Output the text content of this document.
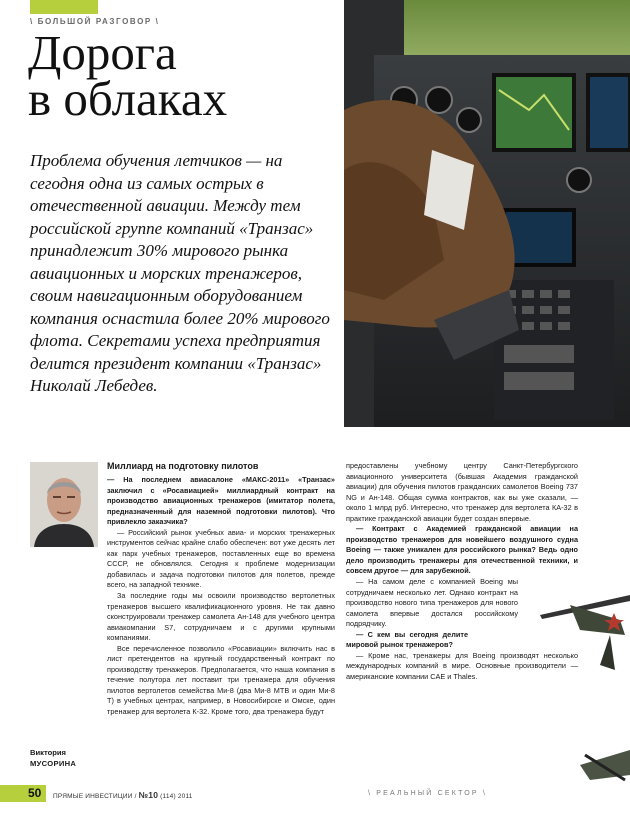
\ БОЛЬШОЙ РАЗГОВОР \
Дорога
в облаках

Проблема обучения летчиков — на сегодня одна из самых острых в отечественной авиации. Между тем российской группе компаний «Транзас» принадлежит 30% мирового рынка авиационных и морских тренажеров, своим навигационным оборудованием компания оснастила более 20% мирового флота. Секретами успеха предприятия делится президент компании «Транзас» Николай Лебедев.

Виктория
МУСОРИНА
Миллиард на подготовку пилотов

— На последнем авиасалоне «МАКС-2011» «Транзас» заключил с «Росавиацией» миллиардный контракт на производство авиационных тренажеров (имитатор полета, предназначенный для наземной подготовки пилотов). Что привлекло заказчика?

— Российский рынок учебных авиа- и морских тренажерных инструментов сейчас крайне слабо обеспечен: вот уже десять лет как парк учебных тренажеров, поставленных еще во времена СССР, не обновлялся. Сегодня к проблеме модернизации добавилась и задача подготовки пилотов для полетов, прежде всего, на западной технике.

За последние годы мы освоили производство вертолетных тренажеров высшего квалификационного уровня. Не так давно сконструировали тренажер самолета Ан-148 для учебного центра авиакомпании S7, сотрудничаем и с другими крупными компаниями.

Все перечисленное позволило «Росавиации» включить нас в лист претендентов на крупный государственный контракт по производству тренажеров. Предполагается, что наша компания в течение полутора лет поставит три тренажера для обучения пилотов вертолетов семейства Ми-8 (два Ми-8 МТВ и один Ми-8 Т) в учебных центрах, например, в Новосибирске и Омске, один тренажер для вертолета К-32. Кроме того, два тренажера будут

предоставлены учебному центру Санкт-Петербургского авиационного университета (бывшая Академия гражданской авиации) для обучения пилотов гражданских самолетов Boeing 737 NG и Ан-148. Общая сумма контрактов, как вы уже сказали, — около 1 млрд руб. Интересно, что тренажер для вертолета КА-32 в практике гражданской авиации будет создан впервые.

— Контракт с Академией гражданской авиации на производство тренажеров для новейшего воздушного судна Boeing — также уникален для российского рынка? Ведь одно дело производить тренажеры для отечественной техники, и совсем другое — для зарубежной.

— На самом деле с компанией Boeing мы сотрудничаем несколько лет. Однако контракт на производство нового типа тренажеров для нового самолета впервые достался российскому подрядчику.

— С кем вы сегодня делите мировой рынок тренажеров?

— Кроме нас, тренажеры для Boeing производят несколько международных компаний в мире. Основные производители — американские компании CAE и Thales.

50 ПРЯМЫЕ ИНВЕСТИЦИИ / №10 (114) 2011	\ РЕАЛЬНЫЙ СЕКТОР \
